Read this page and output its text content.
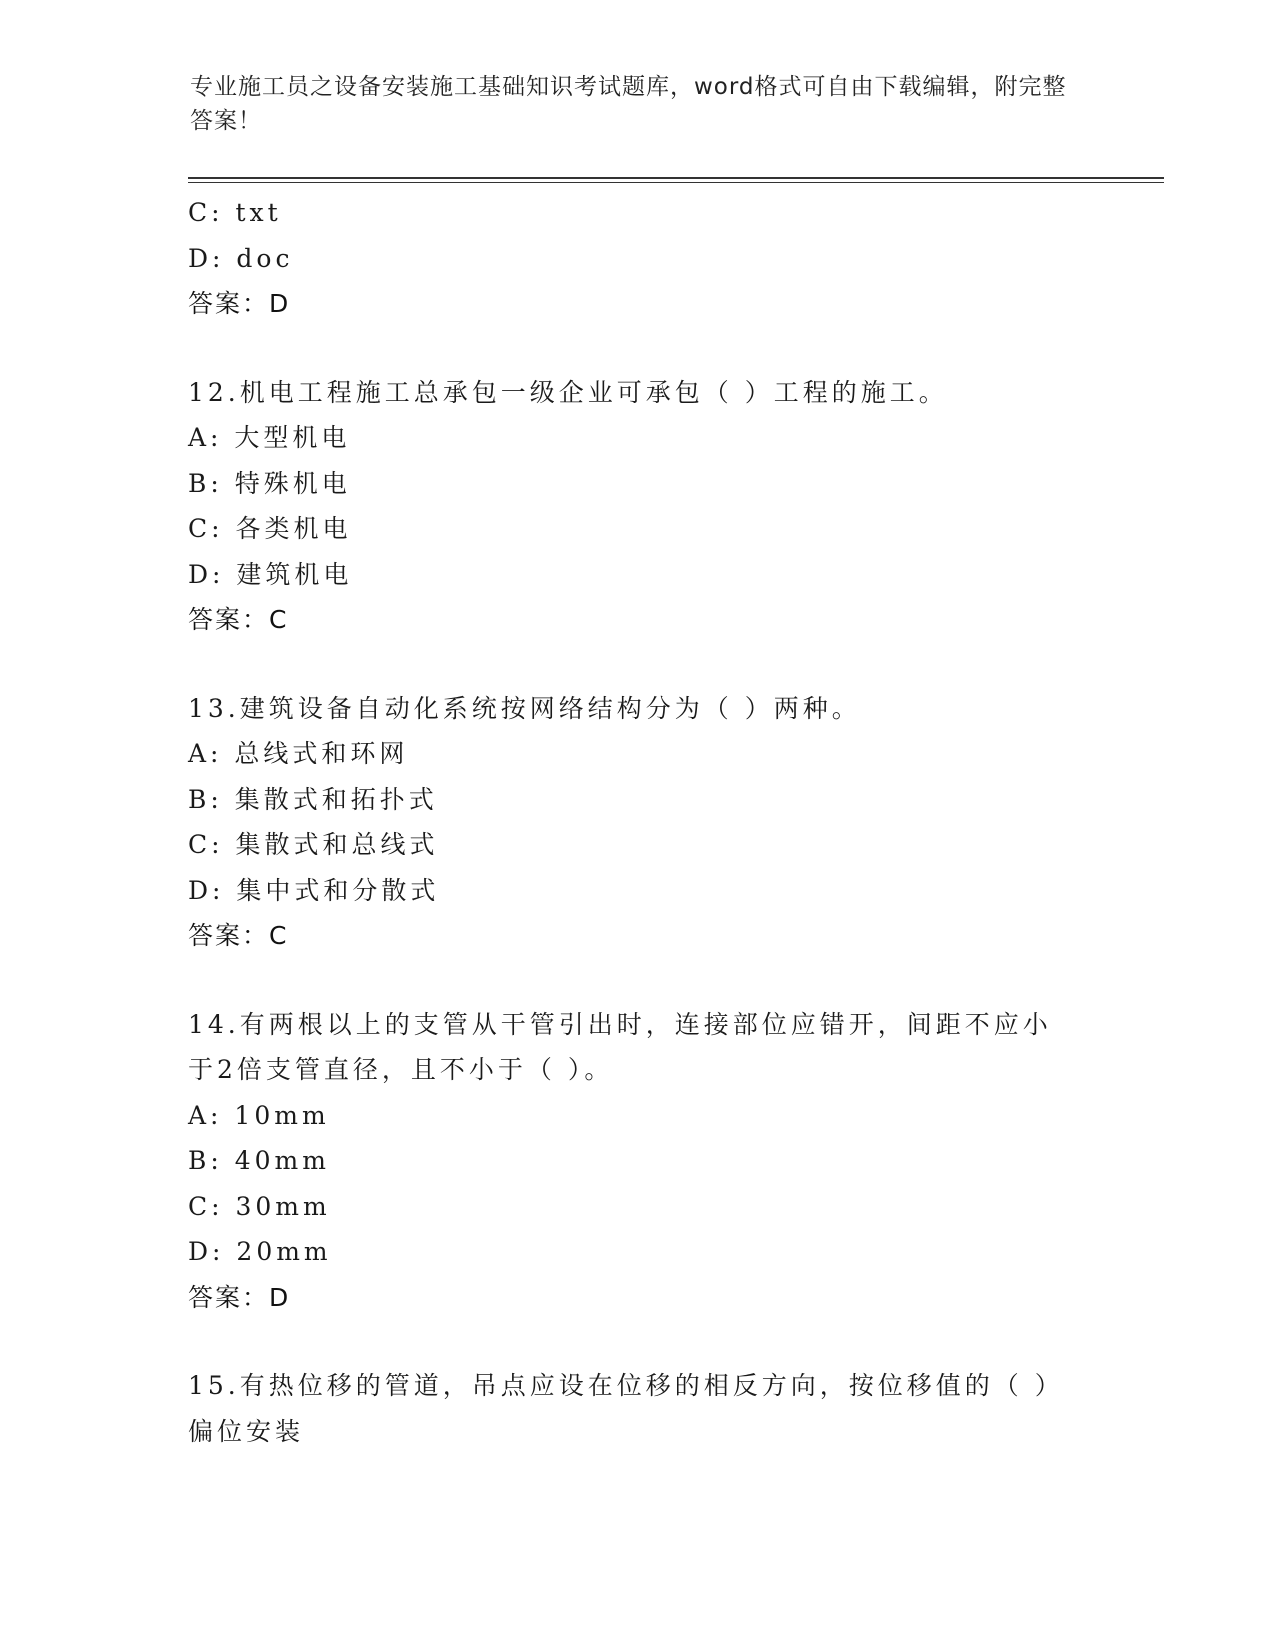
专业施工员之设备安装施工基础知识考试题库，word格式可自由下载编辑，附完整答案！
C: txt
D: doc
答案：D
12.机电工程施工总承包一级企业可承包（ ）工程的施工。
A: 大型机电
B: 特殊机电
C: 各类机电
D: 建筑机电
答案：C
13.建筑设备自动化系统按网络结构分为（ ）两种。
A: 总线式和环网
B: 集散式和拓扑式
C: 集散式和总线式
D: 集中式和分散式
答案：C
14.有两根以上的支管从干管引出时，连接部位应错开，间距不应小于2倍支管直径，且不小于（ ）。
A: 10mm
B: 40mm
C: 30mm
D: 20mm
答案：D
15.有热位移的管道，吊点应设在位移的相反方向，按位移值的（ ）偏位安装
